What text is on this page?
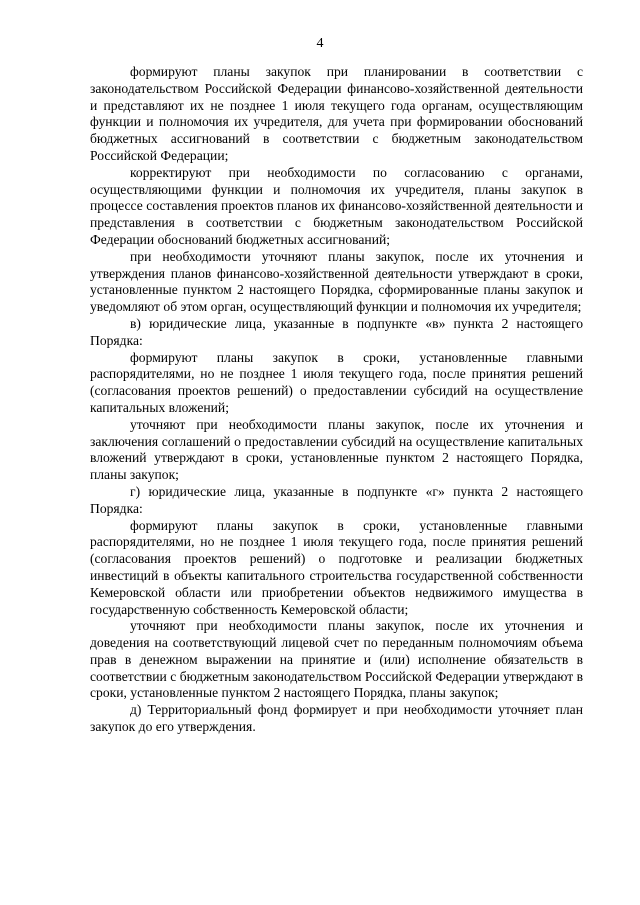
4

формируют планы закупок при планировании в соответствии с законодательством Российской Федерации финансово-хозяйственной деятельности и представляют их не позднее 1 июля текущего года органам, осуществляющим функции и полномочия их учредителя, для учета при формировании обоснований бюджетных ассигнований в соответствии с бюджетным законодательством Российской Федерации;

корректируют при необходимости по согласованию с органами, осуществляющими функции и полномочия их учредителя, планы закупок в процессе составления проектов планов их финансово-хозяйственной деятельности и представления в соответствии с бюджетным законодательством Российской Федерации обоснований бюджетных ассигнований;

при необходимости уточняют планы закупок, после их уточнения и утверждения планов финансово-хозяйственной деятельности утверждают в сроки, установленные пунктом 2 настоящего Порядка, сформированные планы закупок и уведомляют об этом орган, осуществляющий функции и полномочия их учредителя;

в) юридические лица, указанные в подпункте «в» пункта 2 настоящего Порядка:

формируют планы закупок в сроки, установленные главными распорядителями, но не позднее 1 июля текущего года, после принятия решений (согласования проектов решений) о предоставлении субсидий на осуществление капитальных вложений;

уточняют при необходимости планы закупок, после их уточнения и заключения соглашений о предоставлении субсидий на осуществление капитальных вложений утверждают в сроки, установленные пунктом 2 настоящего Порядка, планы закупок;

г) юридические лица, указанные в подпункте «г» пункта 2 настоящего Порядка:

формируют планы закупок в сроки, установленные главными распорядителями, но не позднее 1 июля текущего года, после принятия решений (согласования проектов решений) о подготовке и реализации бюджетных инвестиций в объекты капитального строительства государственной собственности Кемеровской области или приобретении объектов недвижимого имущества в государственную собственность Кемеровской области;

уточняют при необходимости планы закупок, после их уточнения и доведения на соответствующий лицевой счет по переданным полномочиям объема прав в денежном выражении на принятие и (или) исполнение обязательств в соответствии с бюджетным законодательством Российской Федерации утверждают в сроки, установленные пунктом 2 настоящего Порядка, планы закупок;

д) Территориальный фонд формирует и при необходимости уточняет план закупок до его утверждения.
